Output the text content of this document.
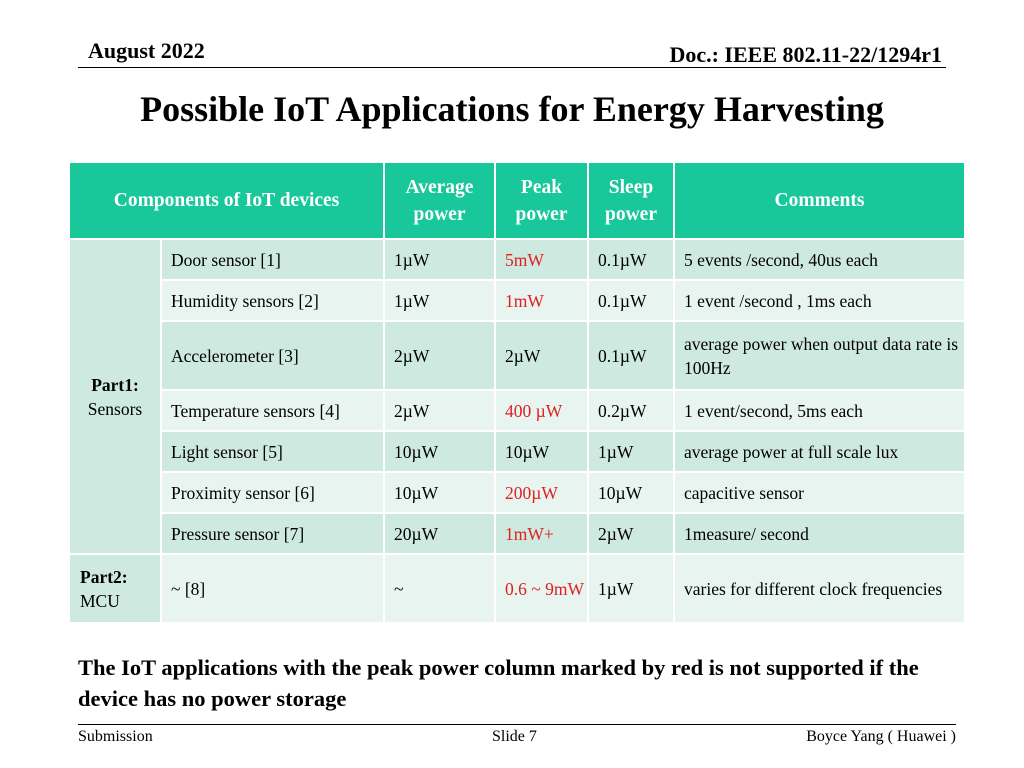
August 2022	Doc.: IEEE 802.11-22/1294r1
Possible IoT Applications for Energy Harvesting
Components of IoT devices		Average power	Peak power	Sleep power	Comments

Part1:
Sensors	Door sensor [1]	1µW	5mW	0.1µW	5 events /second, 40us each
	Humidity sensors [2]	1µW	1mW	0.1µW	1 event /second , 1ms each
	Accelerometer [3]	2µW	2µW	0.1µW	average power when output data rate is 100Hz
	Temperature sensors [4]	2µW	400 µW	0.2µW	1 event/second, 5ms each
	Light sensor [5]	10µW	10µW	1µW	average power at full scale lux
	Proximity sensor [6]	10µW	200µW	10µW	capacitive sensor
	Pressure sensor [7]	20µW	1mW+	2µW	1measure/ second

Part2:
MCU	~ [8]	~	0.6 ~ 9mW	1µW	varies for different clock frequencies
The IoT applications with the peak power column marked by red is not supported if the device has no power storage
Submission	Slide 7	Boyce Yang ( Huawei )
